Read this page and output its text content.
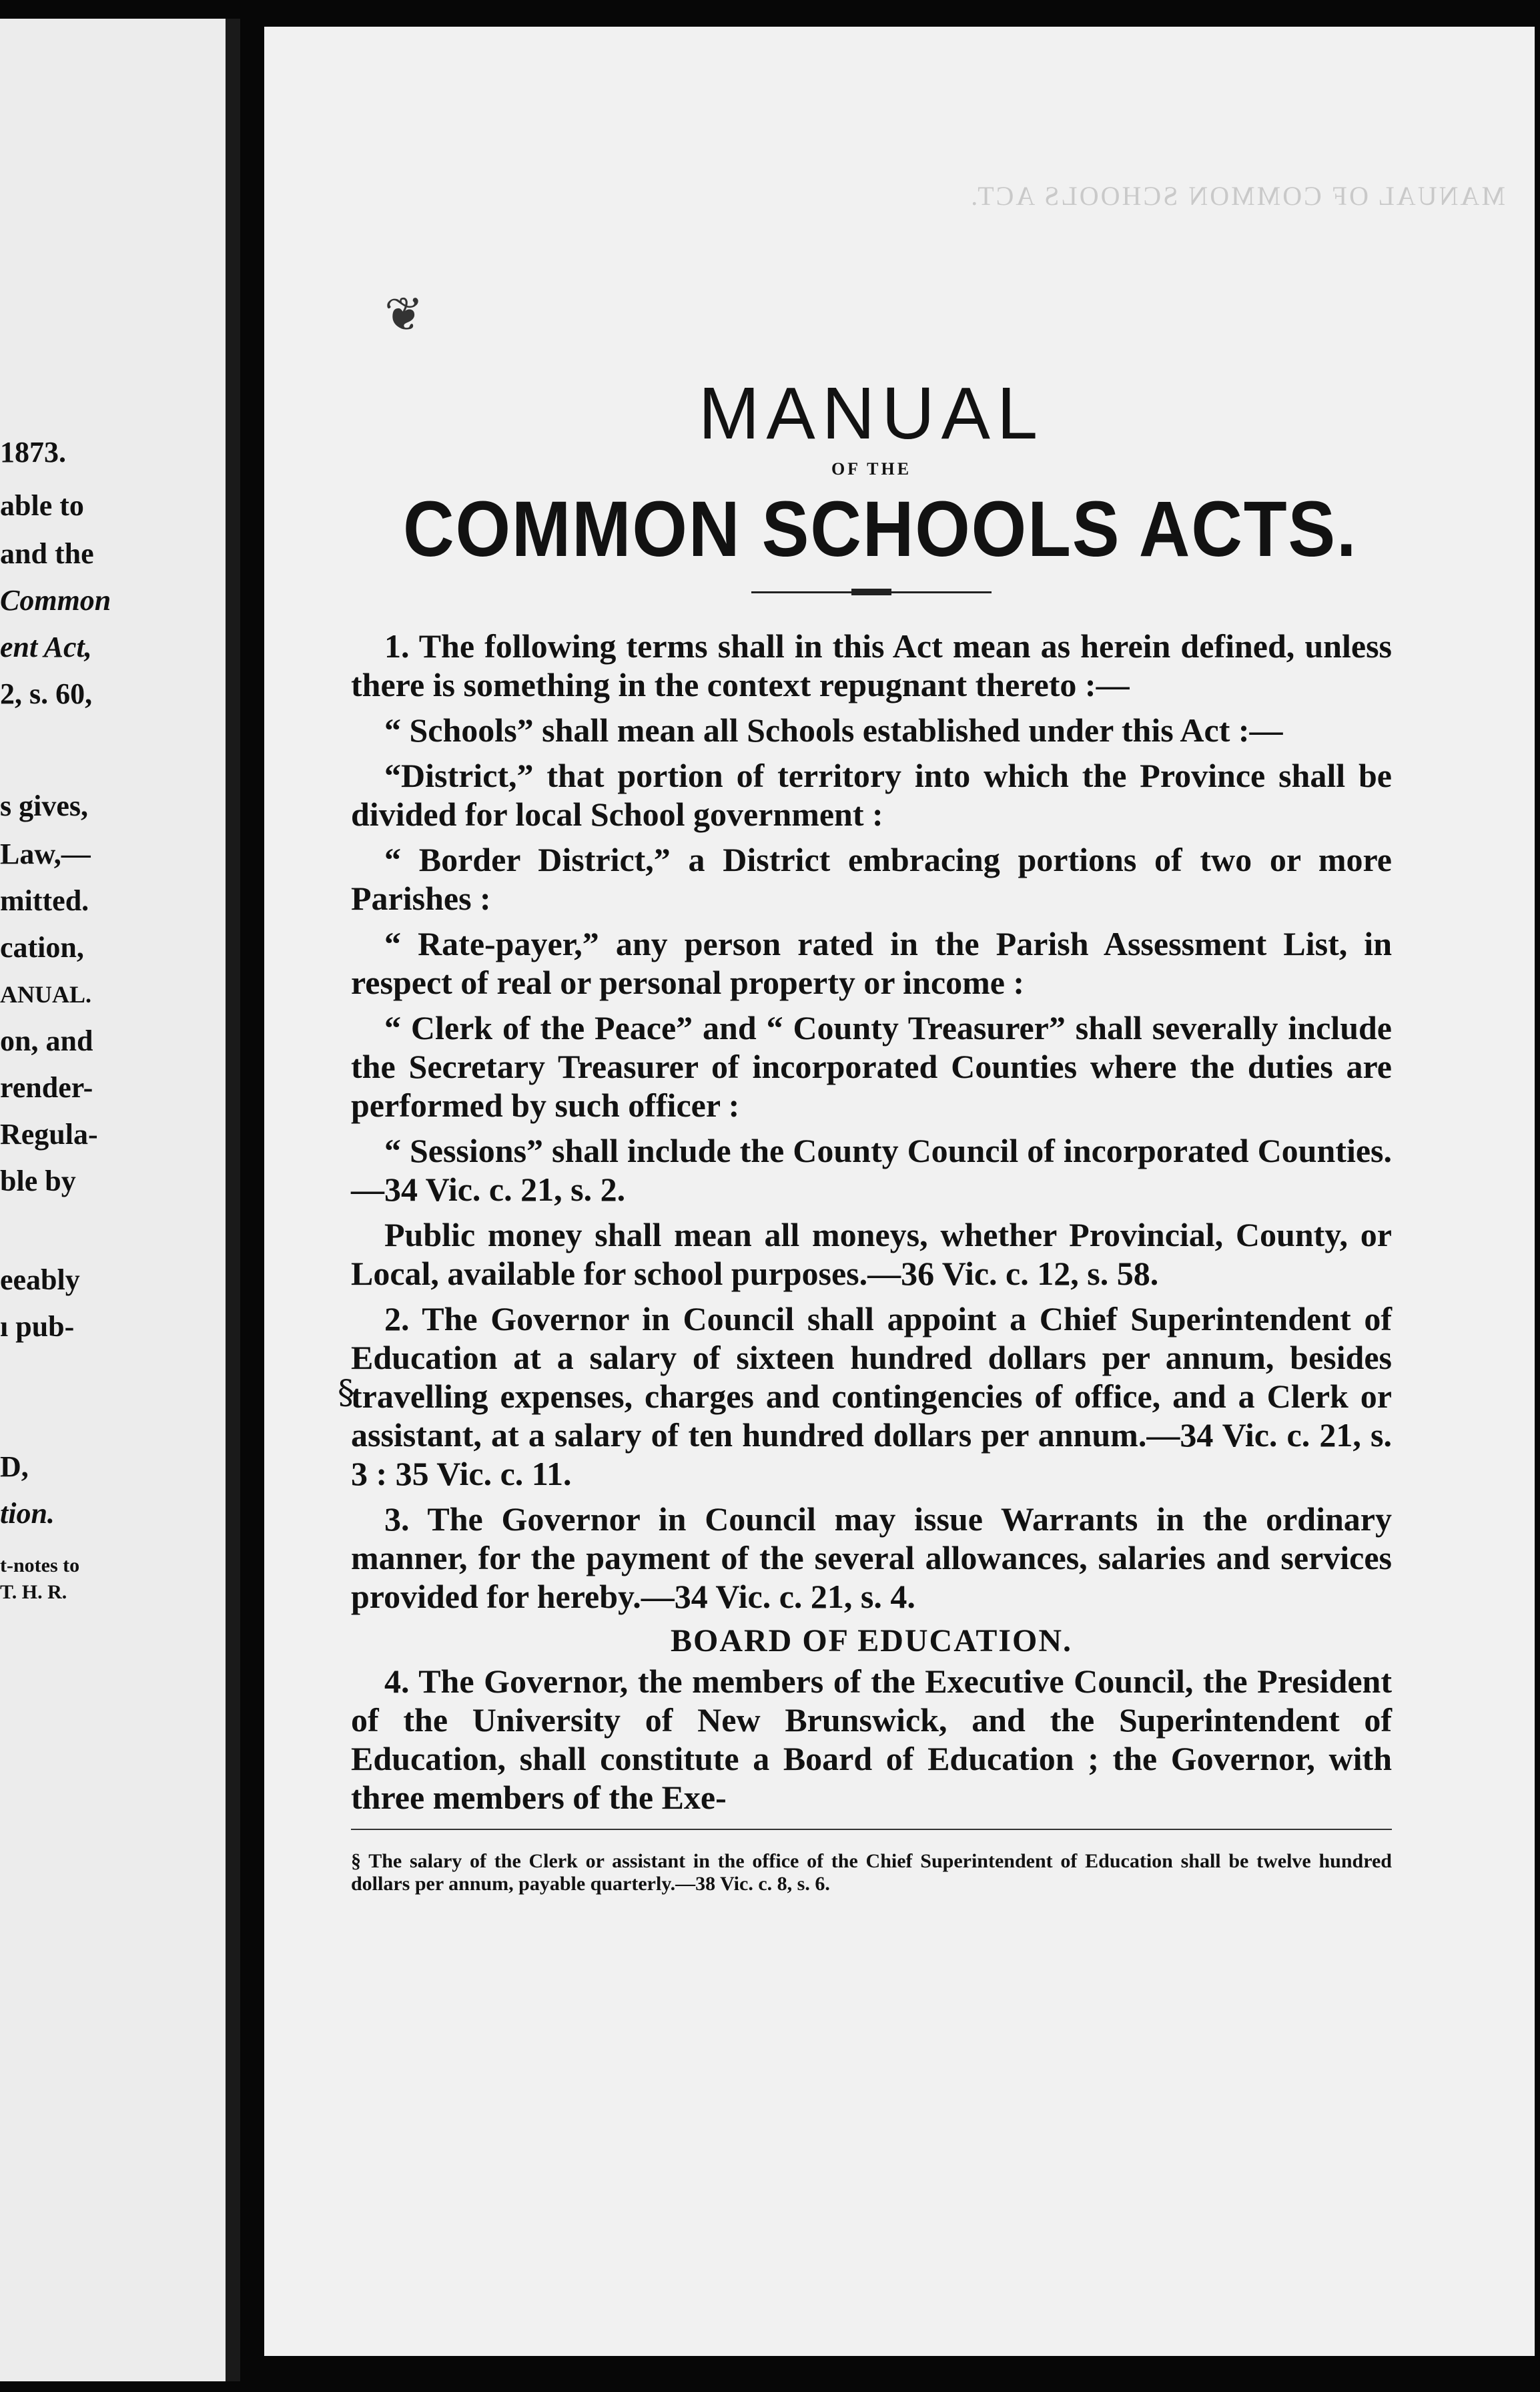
1873.
able to
and the
Common
ent Act,
2, s. 60,
s gives,
Law,—
mitted.
cation,
ANUAL.
on, and
render-
Regula-
ble by
eeably
ı pub-
D,
tion.
t-notes to
T. H. R.
MANUAL OF COMMON SCHOOLS ACT.
❦
MANUAL

OF THE

COMMON SCHOOLS ACTS.

1. The following terms shall in this Act mean as herein defined, unless there is something in the context repugnant thereto :—

“ Schools” shall mean all Schools established under this Act :—

“District,” that portion of territory into which the Province shall be divided for local School government :

“ Border District,” a District embracing portions of two or more Parishes :

“ Rate-payer,” any person rated in the Parish Assessment List, in respect of real or personal property or income :

“ Clerk of the Peace” and “ County Treasurer” shall severally include the Secretary Treasurer of incorporated Counties where the duties are performed by such officer :

“ Sessions” shall include the County Council of incorporated Counties.—34 Vic. c. 21, s. 2.

Public money shall mean all moneys, whether Provincial, County, or Local, available for school purposes.—36 Vic. c. 12, s. 58.

§

2. The Governor in Council shall appoint a Chief Superintendent of Education at a salary of sixteen hundred dollars per annum, besides travelling expenses, charges and contingencies of office, and a Clerk or assistant, at a salary of ten hundred dollars per annum.—34 Vic. c. 21, s. 3 : 35 Vic. c. 11.

3. The Governor in Council may issue Warrants in the ordinary manner, for the payment of the several allowances, salaries and services provided for hereby.—34 Vic. c. 21, s. 4.

BOARD OF EDUCATION.

4. The Governor, the members of the Executive Council, the President of the University of New Brunswick, and the Superintendent of Education, shall constitute a Board of Education ; the Governor, with three members of the Exe-

§ The salary of the Clerk or assistant in the office of the Chief Superintendent of Education shall be twelve hundred dollars per annum, payable quarterly.—38 Vic. c. 8, s. 6.
